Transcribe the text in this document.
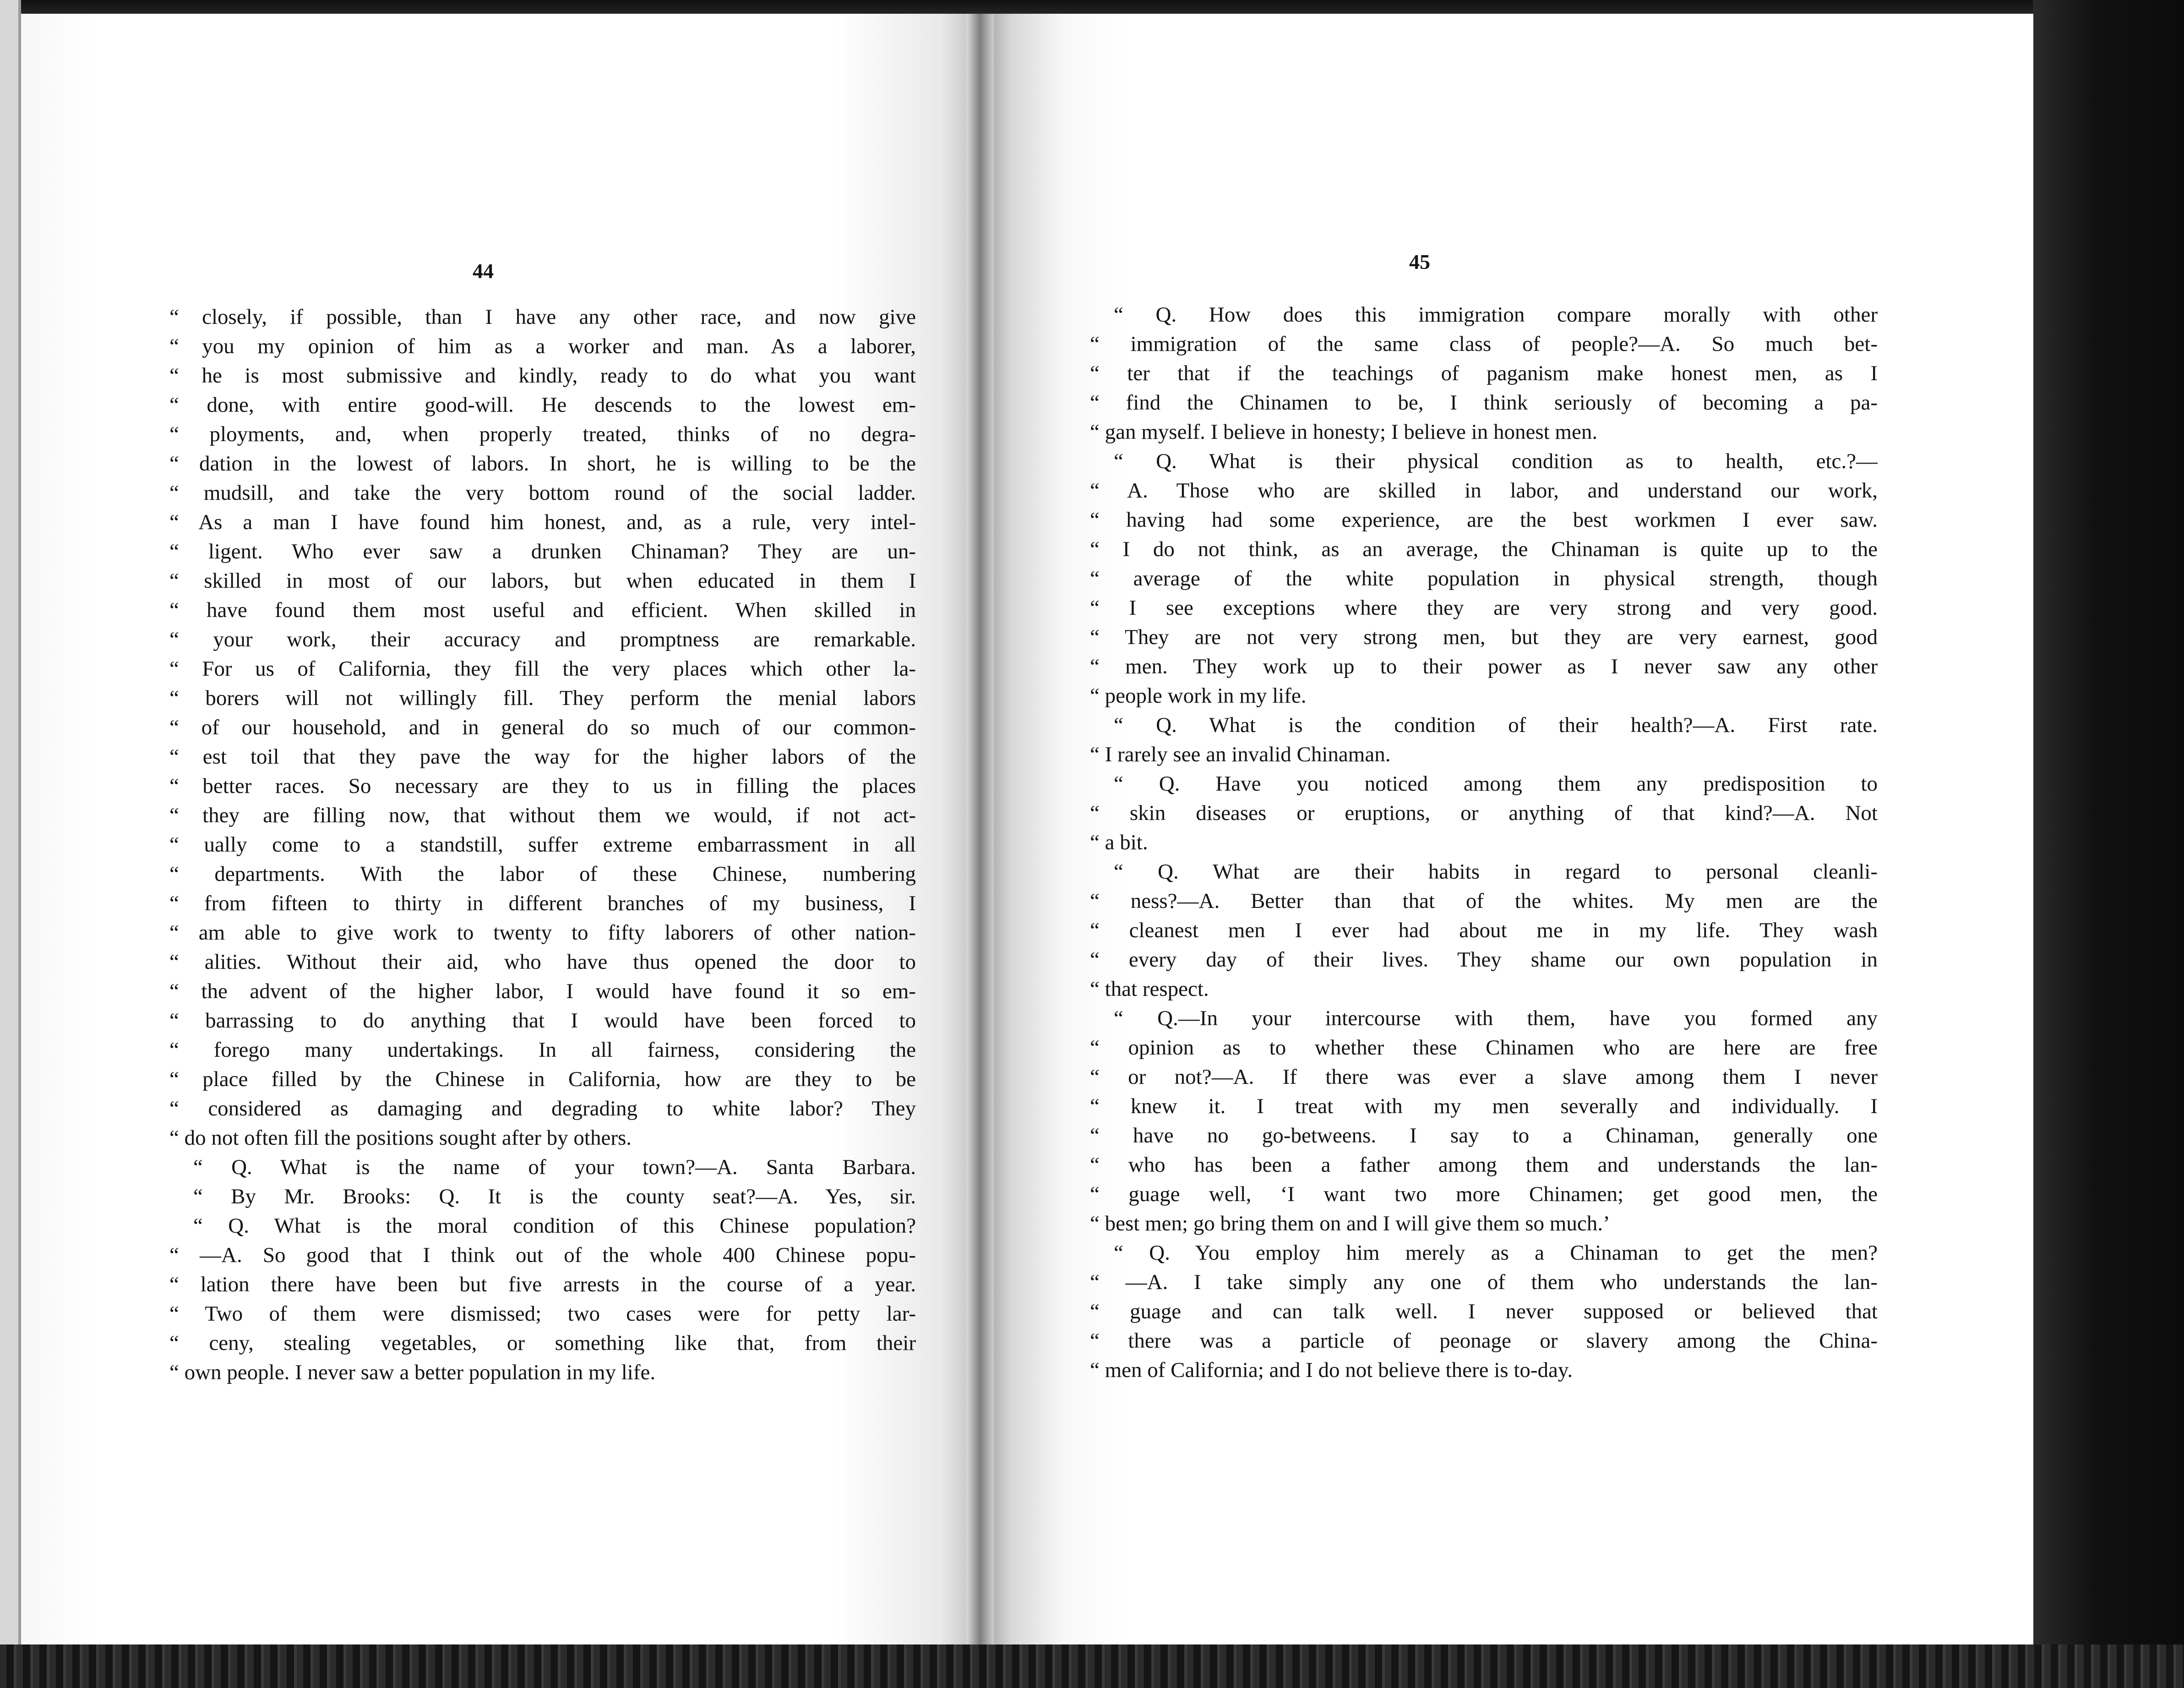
44
“ closely, if possible, than I have any other race, and now give
“ you my opinion of him as a worker and man. As a laborer,
“ he is most submissive and kindly, ready to do what you want
“ done, with entire good-will. He descends to the lowest em-
“ ployments, and, when properly treated, thinks of no degra-
“ dation in the lowest of labors. In short, he is willing to be the
“ mudsill, and take the very bottom round of the social ladder.
“ As a man I have found him honest, and, as a rule, very intel-
“ ligent. Who ever saw a drunken Chinaman? They are un-
“ skilled in most of our labors, but when educated in them I
“ have found them most useful and efficient. When skilled in
“ your work, their accuracy and promptness are remarkable.
“ For us of California, they fill the very places which other la-
“ borers will not willingly fill. They perform the menial labors
“ of our household, and in general do so much of our common-
“ est toil that they pave the way for the higher labors of the
“ better races. So necessary are they to us in filling the places
“ they are filling now, that without them we would, if not act-
“ ually come to a standstill, suffer extreme embarrassment in all
“ departments. With the labor of these Chinese, numbering
“ from fifteen to thirty in different branches of my business, I
“ am able to give work to twenty to fifty laborers of other nation-
“ alities. Without their aid, who have thus opened the door to
“ the advent of the higher labor, I would have found it so em-
“ barrassing to do anything that I would have been forced to
“ forego many undertakings. In all fairness, considering the
“ place filled by the Chinese in California, how are they to be
“ considered as damaging and degrading to white labor? They
“ do not often fill the positions sought after by others.
“ Q. What is the name of your town?—A. Santa Barbara.
“ By Mr. Brooks: Q. It is the county seat?—A. Yes, sir.
“ Q. What is the moral condition of this Chinese population?
“ —A. So good that I think out of the whole 400 Chinese popu-
“ lation there have been but five arrests in the course of a year.
“ Two of them were dismissed; two cases were for petty lar-
“ ceny, stealing vegetables, or something like that, from their
“ own people. I never saw a better population in my life.
45
“ Q. How does this immigration compare morally with other
“ immigration of the same class of people?—A. So much bet-
“ ter that if the teachings of paganism make honest men, as I
“ find the Chinamen to be, I think seriously of becoming a pa-
“ gan myself. I believe in honesty; I believe in honest men.
“ Q. What is their physical condition as to health, etc.?—
“ A. Those who are skilled in labor, and understand our work,
“ having had some experience, are the best workmen I ever saw.
“ I do not think, as an average, the Chinaman is quite up to the
“ average of the white population in physical strength, though
“ I see exceptions where they are very strong and very good.
“ They are not very strong men, but they are very earnest, good
“ men. They work up to their power as I never saw any other
“ people work in my life.
“ Q. What is the condition of their health?—A. First rate.
“ I rarely see an invalid Chinaman.
“ Q. Have you noticed among them any predisposition to
“ skin diseases or eruptions, or anything of that kind?—A. Not
“ a bit.
“ Q. What are their habits in regard to personal cleanli-
“ ness?—A. Better than that of the whites. My men are the
“ cleanest men I ever had about me in my life. They wash
“ every day of their lives. They shame our own population in
“ that respect.
“ Q.—In your intercourse with them, have you formed any
“ opinion as to whether these Chinamen who are here are free
“ or not?—A. If there was ever a slave among them I never
“ knew it. I treat with my men severally and individually. I
“ have no go-betweens. I say to a Chinaman, generally one
“ who has been a father among them and understands the lan-
“ guage well, ‘I want two more Chinamen; get good men, the
“ best men; go bring them on and I will give them so much.’
“ Q. You employ him merely as a Chinaman to get the men?
“ —A. I take simply any one of them who understands the lan-
“ guage and can talk well. I never supposed or believed that
“ there was a particle of peonage or slavery among the China-
“ men of California; and I do not believe there is to-day.
